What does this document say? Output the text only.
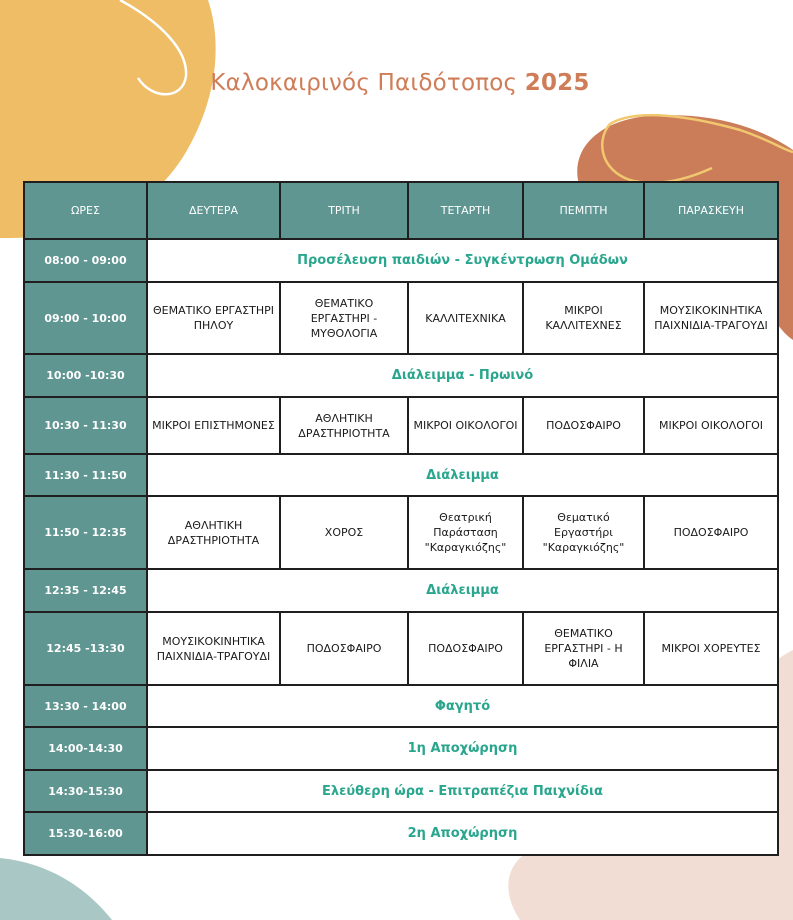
Καλοκαιρινός Παιδότοπος 2025
ΩΡΕΣ	ΔΕΥΤΕΡΑ	ΤΡΙΤΗ	ΤΕΤΑΡΤΗ	ΠΕΜΠΤΗ	ΠΑΡΑΣΚΕΥΗ
08:00 - 09:00	Προσέλευση παιδιών - Συγκέντρωση Ομάδων				
09:00 - 10:00	ΘΕΜΑΤΙΚΟ ΕΡΓΑΣΤΗΡΙ ΠΗΛΟΥ	ΘΕΜΑΤΙΚΟ ΕΡΓΑΣΤΗΡΙ - ΜΥΘΟΛΟΓΙΑ	ΚΑΛΛΙΤΕΧΝΙΚΑ	ΜΙΚΡΟΙ ΚΑΛΛΙΤΕΧΝΕΣ	ΜΟΥΣΙΚΟΚΙΝΗΤΙΚΑ ΠΑΙΧΝΙΔΙΑ-ΤΡΑΓΟΥΔΙ
10:00 -10:30	Διάλειμμα - Πρωινό				
10:30 - 11:30	ΜΙΚΡΟΙ ΕΠΙΣΤΗΜΟΝΕΣ	ΑΘΛΗΤΙΚΗ ΔΡΑΣΤΗΡΙΟΤΗΤΑ	ΜΙΚΡΟΙ ΟΙΚΟΛΟΓΟΙ	ΠΟΔΟΣΦΑΙΡΟ	ΜΙΚΡΟΙ ΟΙΚΟΛΟΓΟΙ
11:30 - 11:50	Διάλειμμα				
11:50 - 12:35	ΑΘΛΗΤΙΚΗ ΔΡΑΣΤΗΡΙΟΤΗΤΑ	ΧΟΡΟΣ	Θεατρική Παράσταση "Καραγκιόζης"	Θεματικό Εργαστήρι "Καραγκιόζης"	ΠΟΔΟΣΦΑΙΡΟ
12:35 - 12:45	Διάλειμμα				
12:45 -13:30	ΜΟΥΣΙΚΟΚΙΝΗΤΙΚΑ ΠΑΙΧΝΙΔΙΑ-ΤΡΑΓΟΥΔΙ	ΠΟΔΟΣΦΑΙΡΟ	ΠΟΔΟΣΦΑΙΡΟ	ΘΕΜΑΤΙΚΟ ΕΡΓΑΣΤΗΡΙ - Η ΦΙΛΙΑ	ΜΙΚΡΟΙ ΧΟΡΕΥΤΕΣ
13:30 - 14:00	Φαγητό				
14:00-14:30	1η Αποχώρηση				
14:30-15:30	Ελεύθερη ώρα - Επιτραπέζια Παιχνίδια				
15:30-16:00	2η Αποχώρηση				
